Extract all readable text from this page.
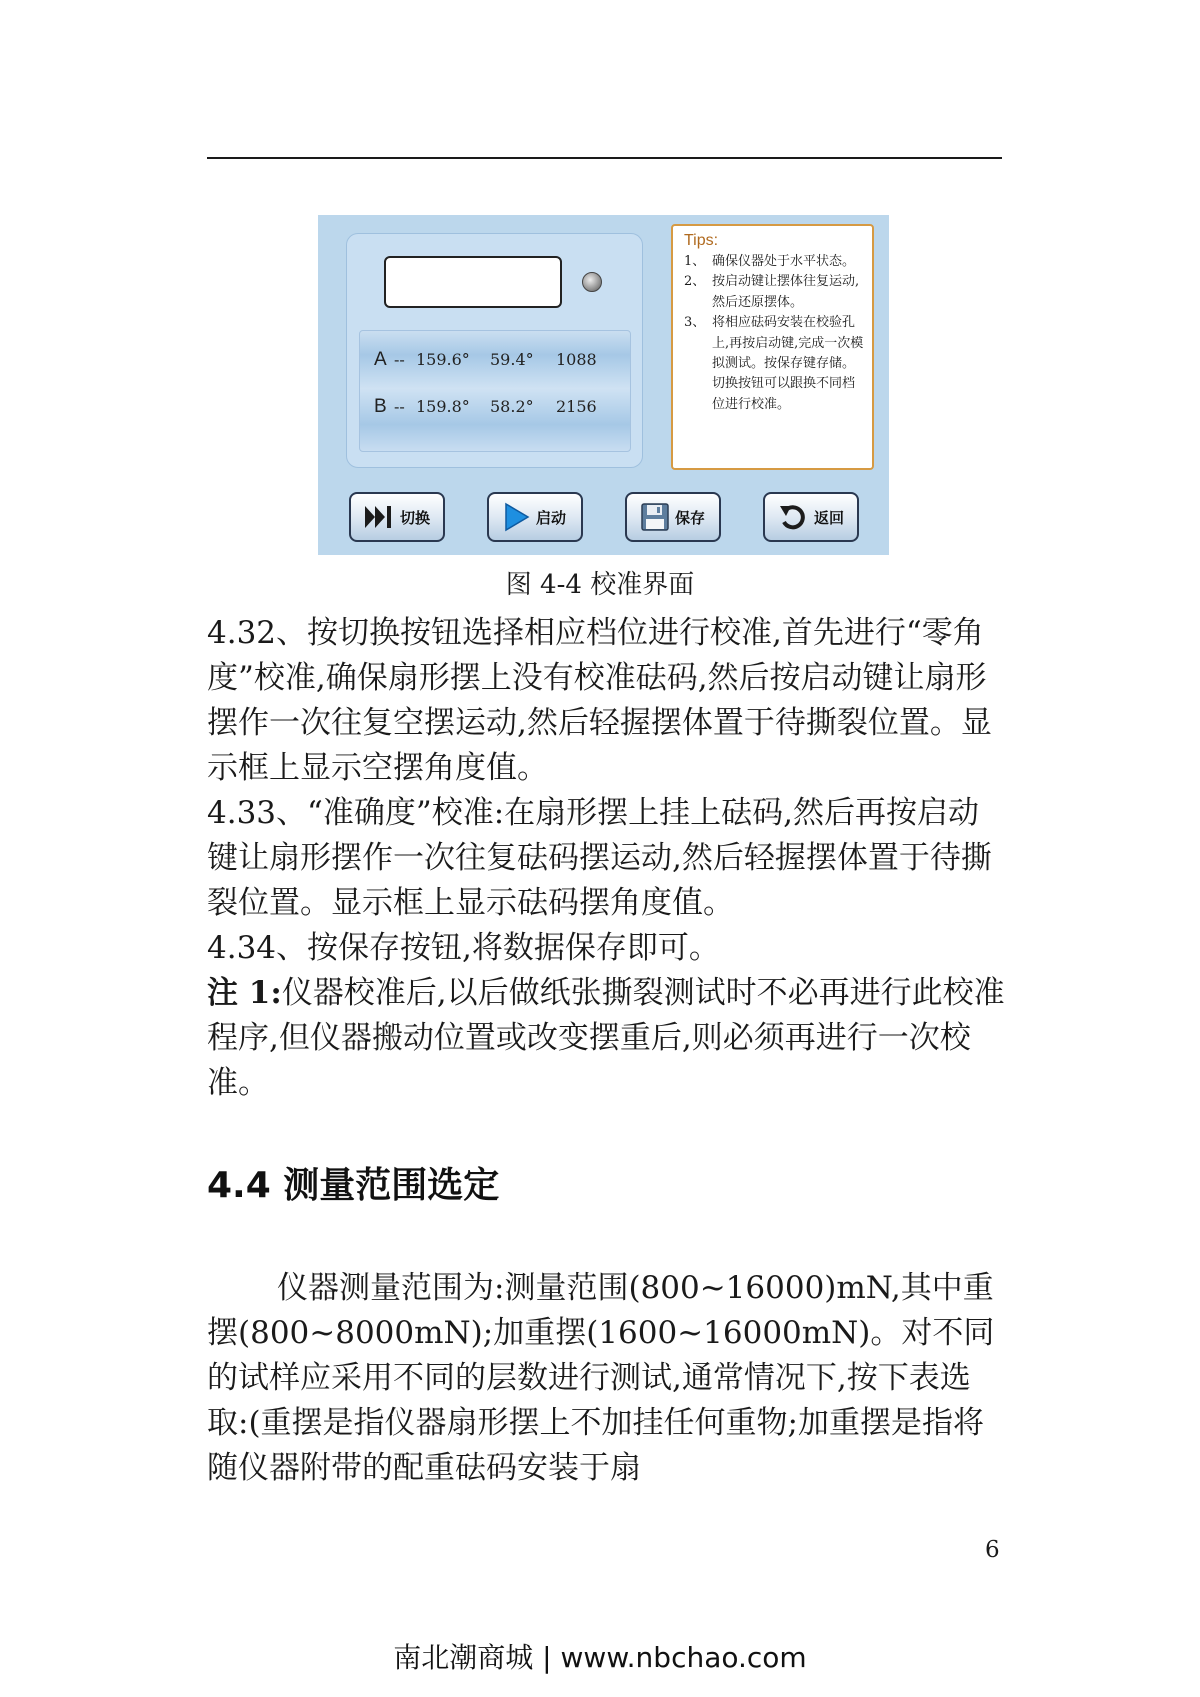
A -- 159.6° 59.4° 1088
B -- 159.8° 58.2° 2156
Tips:
1、 确保仪器处于水平状态。
2、 按启动键让摆体往复运动,然后还原摆体。
3、 将相应砝码安装在校验孔上,再按启动键,完成一次模拟测试。按保存键存储。切换按钮可以跟换不同档位进行校准。
切换	启动	保存	返回
图 4-4 校准界面

4.32、按切换按钮选择相应档位进行校准,首先进行“零角度”校准,确保扇形摆上没有校准砝码,然后按启动键让扇形摆作一次往复空摆运动,然后轻握摆体置于待撕裂位置。显示框上显示空摆角度值。

4.33、“准确度”校准:在扇形摆上挂上砝码,然后再按启动键让扇形摆作一次往复砝码摆运动,然后轻握摆体置于待撕裂位置。显示框上显示砝码摆角度值。

4.34、按保存按钮,将数据保存即可。

注 1:仪器校准后,以后做纸张撕裂测试时不必再进行此校准程序,但仪器搬动位置或改变摆重后,则必须再进行一次校准。

4.4 测量范围选定

仪器测量范围为:测量范围(800~16000)mN,其中重摆(800~8000mN);加重摆(1600~16000mN)。对不同的试样应采用不同的层数进行测试,通常情况下,按下表选取:(重摆是指仪器扇形摆上不加挂任何重物;加重摆是指将随仪器附带的配重砝码安装于扇

6
南北潮商城 | www.nbchao.com
